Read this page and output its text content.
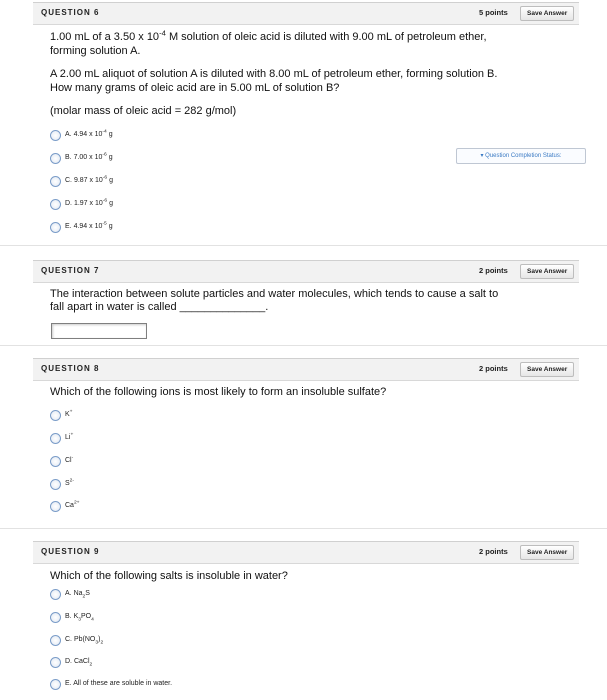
QUESTION 6	5 points	Save Answer
1.00 mL of a 3.50 x $10^{-4}$ M solution of oleic acid is diluted with 9.00 mL of petroleum ether,
forming solution A.
A 2.00 mL aliquot of solution A is diluted with 8.00 mL of petroleum ether, forming solution B.
How many grams of oleic acid are in 5.00 mL of solution B?
(molar mass of oleic acid = 282 g/mol)
A. 4.94 x $10^{-4}$ g
B. 7.00 x $10^{-6}$ g
C. 9.87 x $10^{-6}$ g
D. 1.97 x $10^{-6}$ g
E. 4.94 x $10^{-5}$ g
▾ Question Completion Status:
QUESTION 7	2 points	Save Answer
The interaction between solute particles and water molecules, which tends to cause a salt to
fall apart in water is called ______________.
QUESTION 8	2 points	Save Answer
Which of the following ions is most likely to form an insoluble sulfate?
K+
Li+
Cl-
$S^{2-}$
$Ca^{2+}$
QUESTION 9	2 points	Save Answer
Which of the following salts is insoluble in water?
A. $Na_2S$
B. $K_3PO_4$
C. $Pb(NO_3)_2$
D. CaCl$_2$
E. All of these are soluble in water.
